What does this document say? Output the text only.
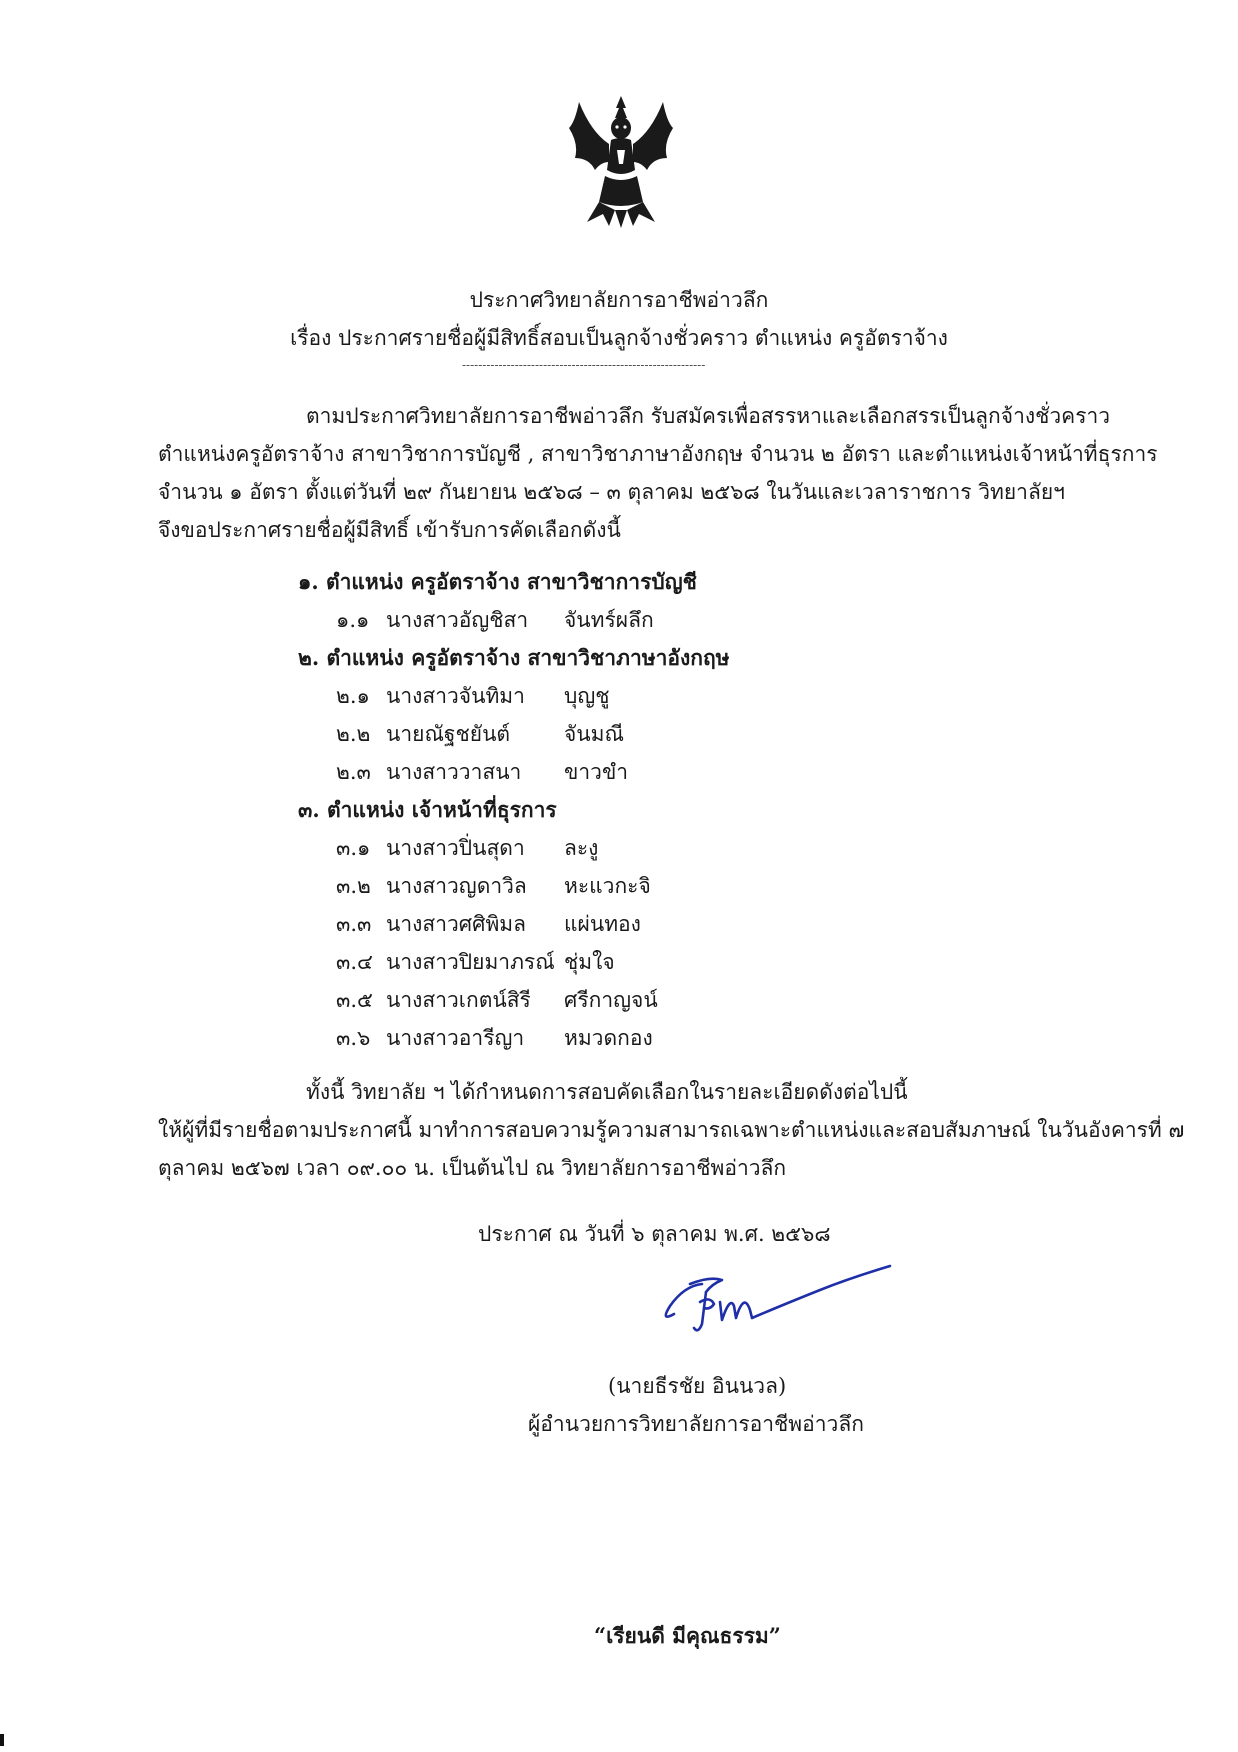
ประกาศวิทยาลัยการอาชีพอ่าวลึก
เรื่อง ประกาศรายชื่อผู้มีสิทธิ์สอบเป็นลูกจ้างชั่วคราว ตำแหน่ง ครูอัตราจ้าง
------------------------------------------------------------
ตามประกาศวิทยาลัยการอาชีพอ่าวลึก รับสมัครเพื่อสรรหาและเลือกสรรเป็นลูกจ้างชั่วคราว
ตำแหน่งครูอัตราจ้าง สาขาวิชาการบัญชี , สาขาวิชาภาษาอังกฤษ จำนวน ๒ อัตรา และตำแหน่งเจ้าหน้าที่ธุรการ
จำนวน ๑ อัตรา ตั้งแต่วันที่ ๒๙ กันยายน ๒๕๖๘ – ๓ ตุลาคม ๒๕๖๘ ในวันและเวลาราชการ วิทยาลัยฯ
จึงขอประกาศรายชื่อผู้มีสิทธิ์ เข้ารับการคัดเลือกดังนี้
๑. ตำแหน่ง ครูอัตราจ้าง สาขาวิชาการบัญชี
๑.๑ นางสาวอัญชิสา จันทร์ผลึก
๒. ตำแหน่ง ครูอัตราจ้าง สาขาวิชาภาษาอังกฤษ
๒.๑ นางสาวจันทิมา บุญชู
๒.๒ นายณัฐชยันต์	จันมณี
๒.๓ นางสาววาสนา ขาวขำ
๓. ตำแหน่ง เจ้าหน้าที่ธุรการ
๓.๑ นางสาวปิ่นสุดา ละงู
๓.๒ นางสาวญดาวิล หะแวกะจิ
๓.๓ นางสาวศศิพิมล แผ่นทอง
๓.๔ นางสาวปิยมาภรณ์ ชุ่มใจ
๓.๕ นางสาวเกตน์สิรี ศรีกาญจน์
๓.๖ นางสาวอารีญา หมวดกอง
ทั้งนี้ วิทยาลัย ฯ ได้กำหนดการสอบคัดเลือกในรายละเอียดดังต่อไปนี้
ให้ผู้ที่มีรายชื่อตามประกาศนี้ มาทำการสอบความรู้ความสามารถเฉพาะตำแหน่งและสอบสัมภาษณ์ ในวันอังคารที่ ๗
ตุลาคม ๒๕๖๗ เวลา ๐๙.๐๐ น. เป็นต้นไป ณ วิทยาลัยการอาชีพอ่าวลึก
ประกาศ ณ วันที่ ๖ ตุลาคม พ.ศ. ๒๕๖๘
(นายธีรชัย อินนวล)
ผู้อำนวยการวิทยาลัยการอาชีพอ่าวลึก
“เรียนดี มีคุณธรรม”
